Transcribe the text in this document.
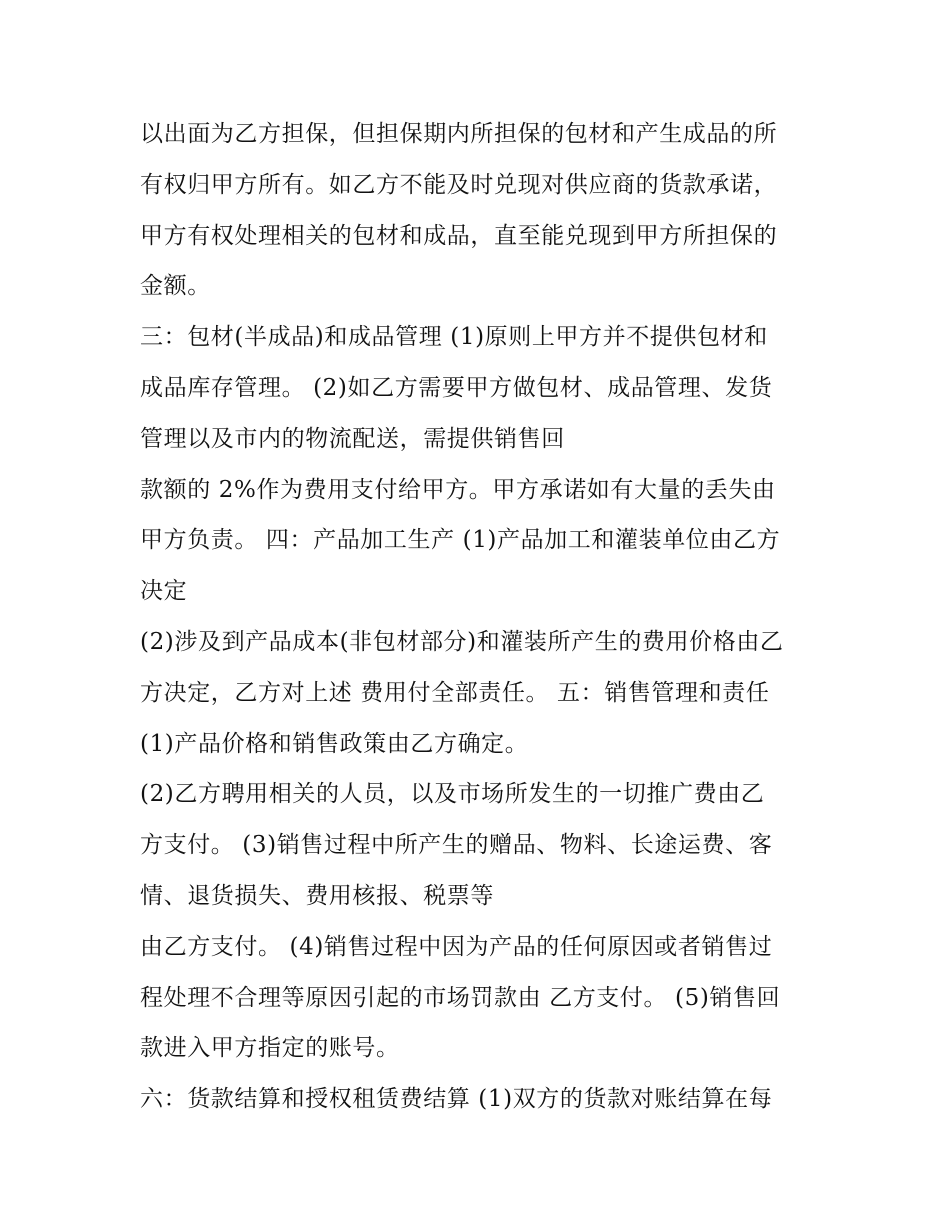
以出面为乙方担保，但担保期内所担保的包材和产生成品的所
有权归甲方所有。如乙方不能及时兑现对供应商的货款承诺，
甲方有权处理相关的包材和成品，直至能兑现到甲方所担保的
金额。
三：包材(半成品)和成品管理 (1)原则上甲方并不提供包材和
成品库存管理。 (2)如乙方需要甲方做包材、成品管理、发货
管理以及市内的物流配送，需提供销售回
款额的 2%作为费用支付给甲方。甲方承诺如有大量的丢失由
甲方负责。 四：产品加工生产 (1)产品加工和灌装单位由乙方
决定
(2)涉及到产品成本(非包材部分)和灌装所产生的费用价格由乙
方决定，乙方对上述 费用付全部责任。 五：销售管理和责任
(1)产品价格和销售政策由乙方确定。
(2)乙方聘用相关的人员，以及市场所发生的一切推广费由乙
方支付。 (3)销售过程中所产生的赠品、物料、长途运费、客
情、退货损失、费用核报、税票等
由乙方支付。 (4)销售过程中因为产品的任何原因或者销售过
程处理不合理等原因引起的市场罚款由 乙方支付。 (5)销售回
款进入甲方指定的账号。
六：货款结算和授权租赁费结算 (1)双方的货款对账结算在每
